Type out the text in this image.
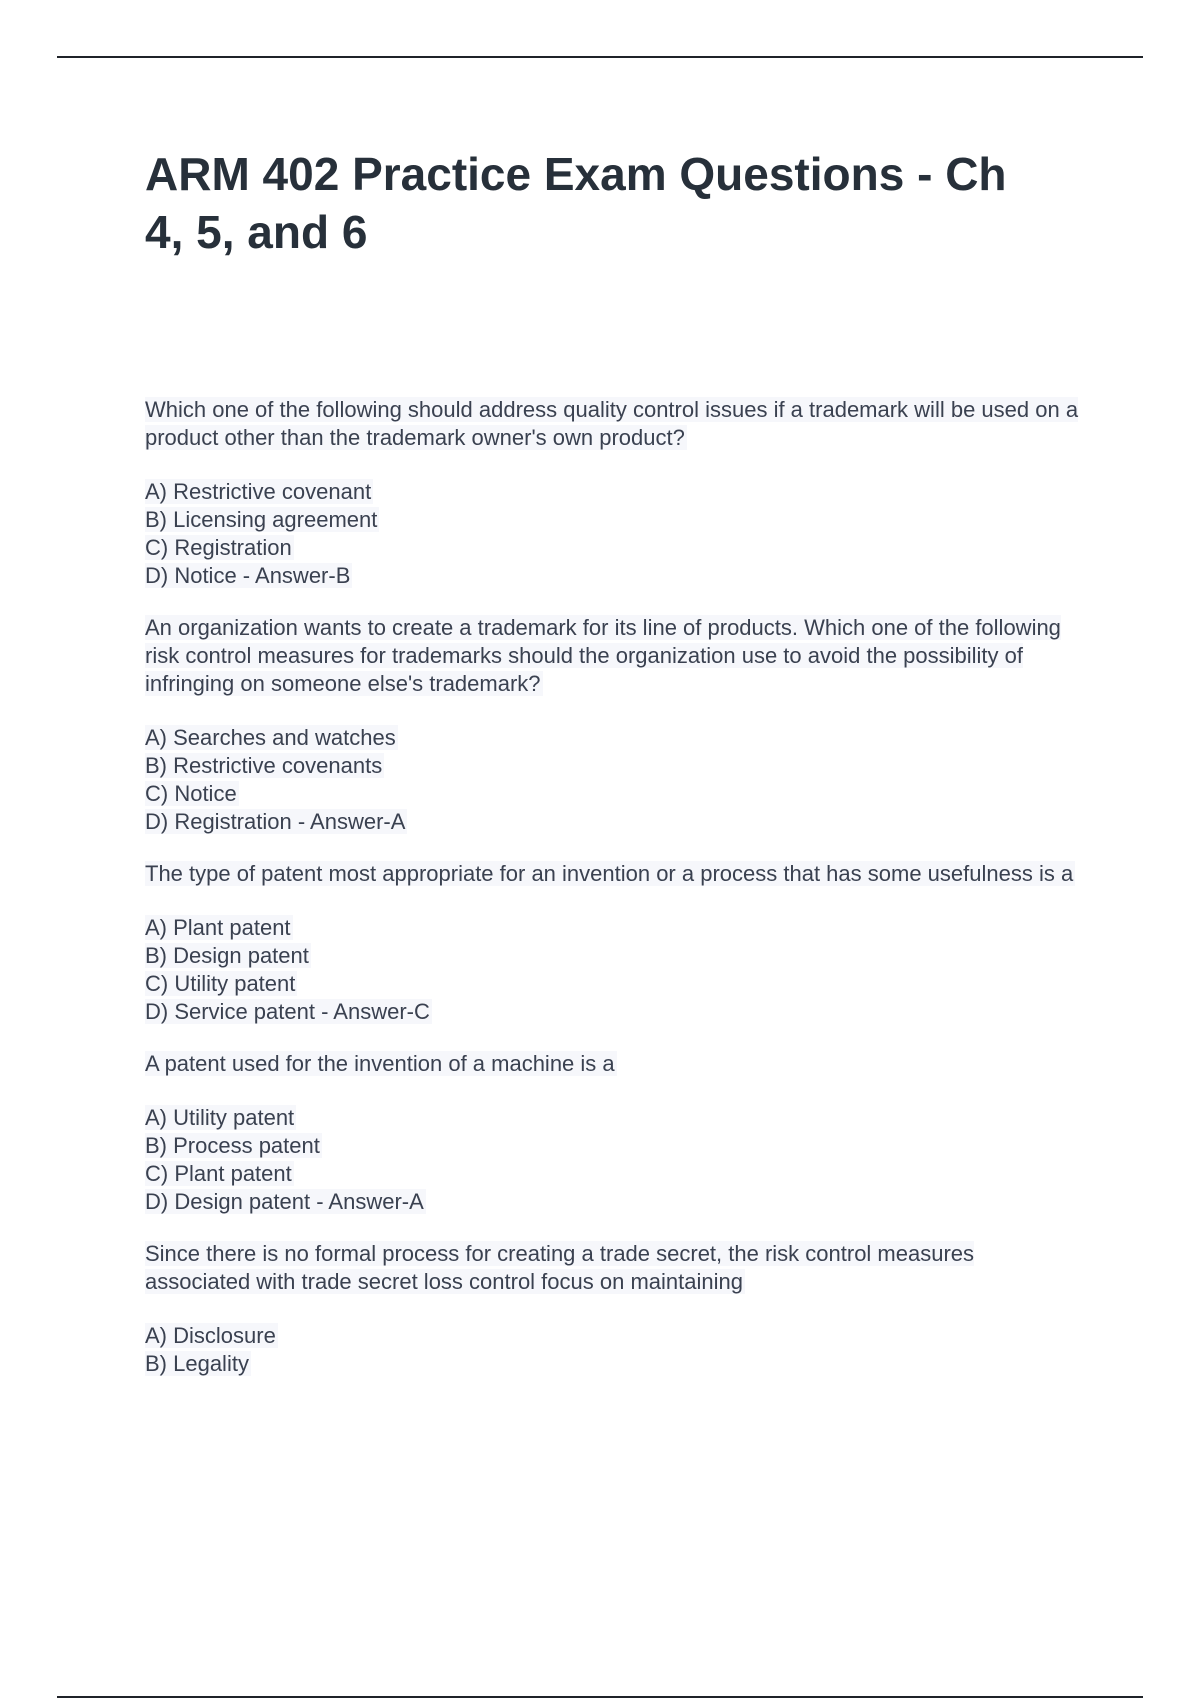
ARM 402 Practice Exam Questions - Ch 4, 5, and 6

Which one of the following should address quality control issues if a trademark will be used on a product other than the trademark owner's own product?

A) Restrictive covenant
B) Licensing agreement
C) Registration
D) Notice - Answer-B

An organization wants to create a trademark for its line of products. Which one of the following risk control measures for trademarks should the organization use to avoid the possibility of infringing on someone else's trademark?

A) Searches and watches
B) Restrictive covenants
C) Notice
D) Registration - Answer-A

The type of patent most appropriate for an invention or a process that has some usefulness is a

A) Plant patent
B) Design patent
C) Utility patent
D) Service patent - Answer-C

A patent used for the invention of a machine is a

A) Utility patent
B) Process patent
C) Plant patent
D) Design patent - Answer-A

Since there is no formal process for creating a trade secret, the risk control measures associated with trade secret loss control focus on maintaining

A) Disclosure
B) Legality
